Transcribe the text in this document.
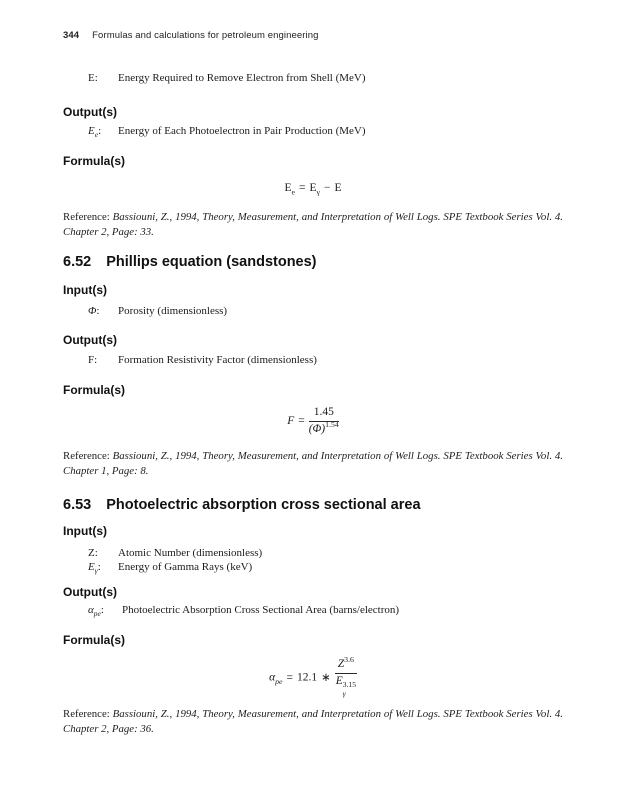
344 Formulas and calculations for petroleum engineering
E:	Energy Required to Remove Electron from Shell (MeV)
Output(s)
$E_e$:	Energy of Each Photoelectron in Pair Production (MeV)
Formula(s)
$E_e = E_\gamma - E$
Reference: Bassiouni, Z., 1994, Theory, Measurement, and Interpretation of Well Logs. SPE Textbook Series Vol. 4. Chapter 2, Page: 33.
6.52 Phillips equation (sandstones)
Input(s)
Φ:	Porosity (dimensionless)
Output(s)
F:	Formation Resistivity Factor (dimensionless)
Formula(s)
$F = \frac{1.45}{(\Phi)^{1.54}}$
Reference: Bassiouni, Z., 1994, Theory, Measurement, and Interpretation of Well Logs. SPE Textbook Series Vol. 4. Chapter 1, Page: 8.
6.53 Photoelectric absorption cross sectional area
Input(s)
Z:	Atomic Number (dimensionless)
$E_\gamma$:	Energy of Gamma Rays (keV)
Output(s)
$\alpha_{pe}$:	Photoelectric Absorption Cross Sectional Area (barns/electron)
Formula(s)
$\alpha_{pe} = 12.1$ ∗ $Z^{3.6}$
E 3.15
γ
Reference: Bassiouni, Z., 1994, Theory, Measurement, and Interpretation of Well Logs. SPE Textbook Series Vol. 4. Chapter 2, Page: 36.
